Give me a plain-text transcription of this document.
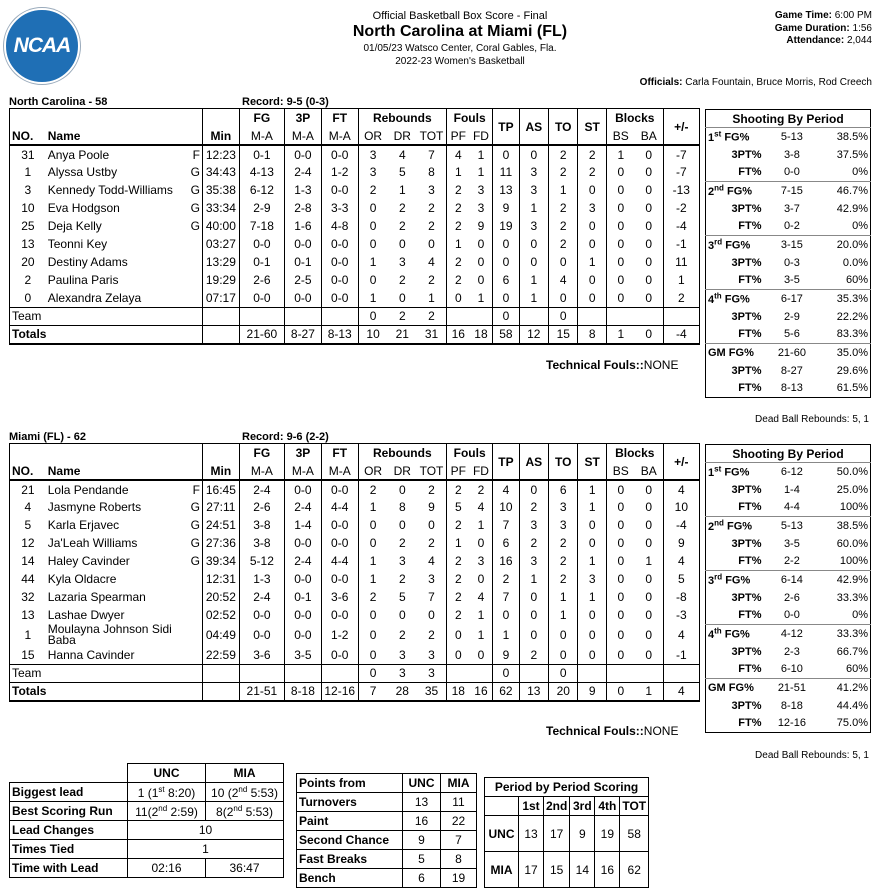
NCAA
Official Basketball Box Score - Final
North Carolina at Miami (FL)
01/05/23 Watsco Center, Coral Gables, Fla.
2022-23 Women's Basketball
Game Time: 6:00 PM
Game Duration: 1:56
Attendance: 2,044
Officials: Carla Fountain, Bruce Morris, Rod Creech
North Carolina - 58	Record: 9-5 (0-3)
			FG	3P	FT	Rebounds			Fouls		TP	AS	TO	ST	Blocks		+/-
NO.	Name	Min	M-A	M-A	M-A	OR	DR	TOT	PF	FD					BS	BA	
31	Anya Poole F	12:23	0-1	0-0	0-0	3	4	7	4	1	0	0	2	2	1	0	-7
1	Alyssa Ustby G	34:43	4-13	2-4	1-2	3	5	8	1	1	11	3	2	2	0	0	-7
3	Kennedy Todd-Williams G	35:38	6-12	1-3	0-0	2	1	3	2	3	13	3	1	0	0	0	-13
10	Eva Hodgson G	33:34	2-9	2-8	3-3	0	2	2	2	3	9	1	2	3	0	0	-2
25	Deja Kelly G	40:00	7-18	1-6	4-8	0	2	2	2	9	19	3	2	0	0	0	-4
13	Teonni Key	03:27	0-0	0-0	0-0	0	0	0	1	0	0	0	2	0	0	0	-1
20	Destiny Adams	13:29	0-1	0-1	0-0	1	3	4	2	0	0	0	0	1	0	0	11
2	Paulina Paris	19:29	2-6	2-5	0-0	0	2	2	2	0	6	1	4	0	0	0	1
0	Alexandra Zelaya	07:17	0-0	0-0	0-0	1	0	1	0	1	0	1	0	0	0	0	2
Team						0	2	2			0		0				
Totals			21-60	8-27	8-13	10	21	31	16	18	58	12	15	8	1	0	-4
Technical Fouls::NONE
Shooting By Period		
1st FG%	5-13	38.5%
3PT%	3-8	37.5%
FT%	0-0	0%
2nd FG%	7-15	46.7%
3PT%	3-7	42.9%
FT%	0-2	0%
3rd FG%	3-15	20.0%
3PT%	0-3	0.0%
FT%	3-5	60%
4th FG%	6-17	35.3%
3PT%	2-9	22.2%
FT%	5-6	83.3%
GM FG%	21-60	35.0%
3PT%	8-27	29.6%
FT%	8-13	61.5%
Dead Ball Rebounds: 5, 1
Miami (FL) - 62	Record: 9-6 (2-2)
			FG	3P	FT	Rebounds			Fouls		TP	AS	TO	ST	Blocks		+/-
NO.	Name	Min	M-A	M-A	M-A	OR	DR	TOT	PF	FD					BS	BA	
21	Lola Pendande F	16:45	2-4	0-0	0-0	2	0	2	2	2	4	0	6	1	0	0	4
4	Jasmyne Roberts G	27:11	2-6	2-4	4-4	1	8	9	5	4	10	2	3	1	0	0	10
5	Karla Erjavec G	24:51	3-8	1-4	0-0	0	0	0	2	1	7	3	3	0	0	0	-4
12	Ja'Leah Williams G	27:36	3-8	0-0	0-0	0	2	2	1	0	6	2	2	0	0	0	9
14	Haley Cavinder G	39:34	5-12	2-4	4-4	1	3	4	2	3	16	3	2	1	0	1	4
44	Kyla Oldacre	12:31	1-3	0-0	0-0	1	2	3	2	0	2	1	2	3	0	0	5
32	Lazaria Spearman	20:52	2-4	0-1	3-6	2	5	7	2	4	7	0	1	1	0	0	-8
13	Lashae Dwyer	02:52	0-0	0-0	0-0	0	0	0	2	1	0	0	1	0	0	0	-3
1	Moulayna Johnson Sidi Baba	04:49	0-0	0-0	1-2	0	2	2	0	1	1	0	0	0	0	0	4
15	Hanna Cavinder	22:59	3-6	3-5	0-0	0	3	3	0	0	9	2	0	0	0	0	-1
Team						0	3	3			0		0				
Totals			21-51	8-18	12-16	7	28	35	18	16	62	13	20	9	0	1	4
Technical Fouls::NONE
Shooting By Period		
1st FG%	6-12	50.0%
3PT%	1-4	25.0%
FT%	4-4	100%
2nd FG%	5-13	38.5%
3PT%	3-5	60.0%
FT%	2-2	100%
3rd FG%	6-14	42.9%
3PT%	2-6	33.3%
FT%	0-0	0%
4th FG%	4-12	33.3%
3PT%	2-3	66.7%
FT%	6-10	60%
GM FG%	21-51	41.2%
3PT%	8-18	44.4%
FT%	12-16	75.0%
Dead Ball Rebounds: 5, 1
	UNC	MIA
Biggest lead	1 (1st 8:20)	10 (2nd 5:53)
Best Scoring Run	11(2nd 2:59)	8(2nd 5:53)
Lead Changes	10	
Times Tied	1	
Time with Lead	02:16	36:47
Points from	UNC	MIA
Turnovers	13	11
Paint	16	22
Second Chance	9	7
Fast Breaks	5	8
Bench	6	19
Period by Period Scoring					
	1st	2nd	3rd	4th	TOT
UNC	13	17	9	19	58
MIA	17	15	14	16	62
